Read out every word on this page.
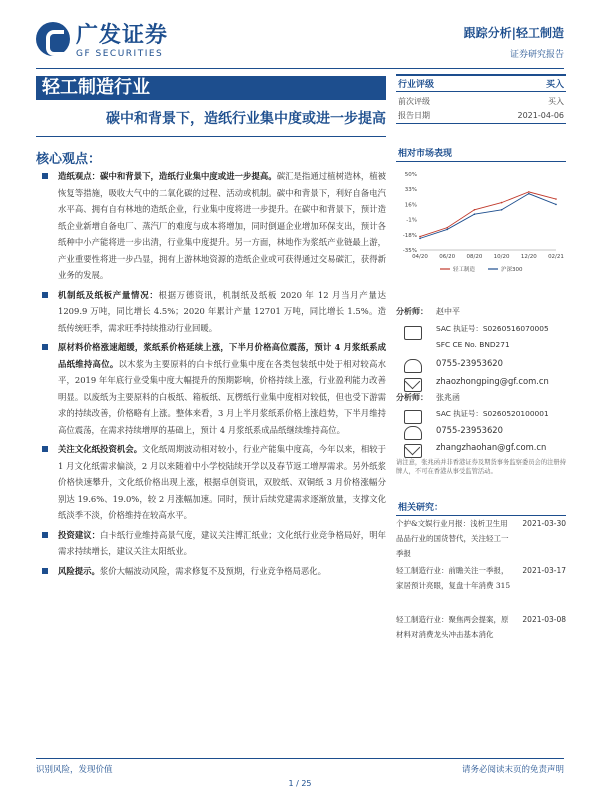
广发证券
GF SECURITIES
跟踪分析|轻工制造
证券研究报告
轻工制造行业
碳中和背景下，造纸行业集中度或进一步提高
核心观点：
造纸观点：碳中和背景下，造纸行业集中度或进一步提高。碳汇是指通过植树造林，植被恢复等措施，吸收大气中的二氧化碳的过程、活动或机制。碳中和背景下，利好自备电汽水平高、拥有自有林地的造纸企业，行业集中度将进一步提升。在碳中和背景下，预计造纸企业新增自备电厂、蒸汽厂的难度与成本将增加，同时倒逼企业增加环保支出，预计各纸种中小产能将进一步出清，行业集中度提升。另一方面，林地作为浆纸产业链最上游，产业重要性将进一步凸显，拥有上游林地资源的造纸企业或可获得通过交易碳汇，获得新业务的发展。
机制纸及纸板产量情况：根据万德资讯，机制纸及纸板 2020 年 12 月当月产量达 1209.9 万吨，同比增长 4.5%；2020 年累计产量 12701 万吨，同比增长 1.5%。造纸传统旺季，需求旺季持续推动行业回暖。
原材料价格涨速超缓，浆纸系价格延续上涨，下半月价格高位震荡，预计 4 月浆纸系成品纸维持高位。以木浆为主要原料的白卡纸行业集中度在各类包装纸中处于相对较高水平，2019 年年底行业受集中度大幅提升的预期影响，价格持续上涨，行业盈利能力改善明显。以废纸为主要原料的白板纸、箱板纸、瓦楞纸行业集中度相对较低，但也受下游需求的持续改善，价格略有上涨。整体来看，3 月上半月浆纸系价格上涨趋势，下半月维持高位震荡，在需求持续增厚的基础上，预计 4 月浆纸系成品纸继续维持高位。
关注文化纸投资机会。文化纸周期波动相对较小，行业产能集中度高，今年以来，相较于 1 月文化纸需求偏淡，2 月以来随着中小学校陆续开学以及春节返工增厚需求。另外纸浆价格快速攀升，文化纸价格出现上涨，根据卓创资讯，双胶纸、双铜纸 3 月价格涨幅分别达 19.6%、19.0%，较 2 月涨幅加速。同时，预计后续党建需求逐渐放量，支撑文化纸淡季不淡，价格维持在较高水平。
投资建议：白卡纸行业维持高景气度，建议关注博汇纸业；文化纸行业竞争格局好，明年需求持续增长，建议关注太阳纸业。
风险提示。浆价大幅波动风险，需求修复不及预期，行业竞争格局恶化。
行业评级	买入
前次评级	买入
报告日期	2021-04-06
相对市场表现
50%
33%
16%
-1%
-18%
-35%
04/20 06/20 08/20 10/20 12/20 02/21
轻工制造	沪深300
分析师： 赵中平
SAC 执证号：S0260516070005
SFC CE No. BND271
0755-23953620
zhaozhongping@gf.com.cn
分析师： 张兆函
SAC 执证号：S0260520100001
0755-23953620
zhangzhaohan@gf.com.cn
请注意，张兆函并非香港证券及期货事务监察委员会的注册持牌人，不可在香港从事受监管活动。
相关研究：
个护&文娱行业月报：浅析卫生用品品行业的国货替代，关注轻工一季报
2021-03-30
轻工制造行业：前瞻关注一季报，家居预计亮眼，复盘十年消费 315
2021-03-17
轻工制造行业：聚焦两会提案，原材料对消费龙头冲击基本消化
2021-03-08
识别风险，发现价值	请务必阅读末页的免责声明
1 / 25
